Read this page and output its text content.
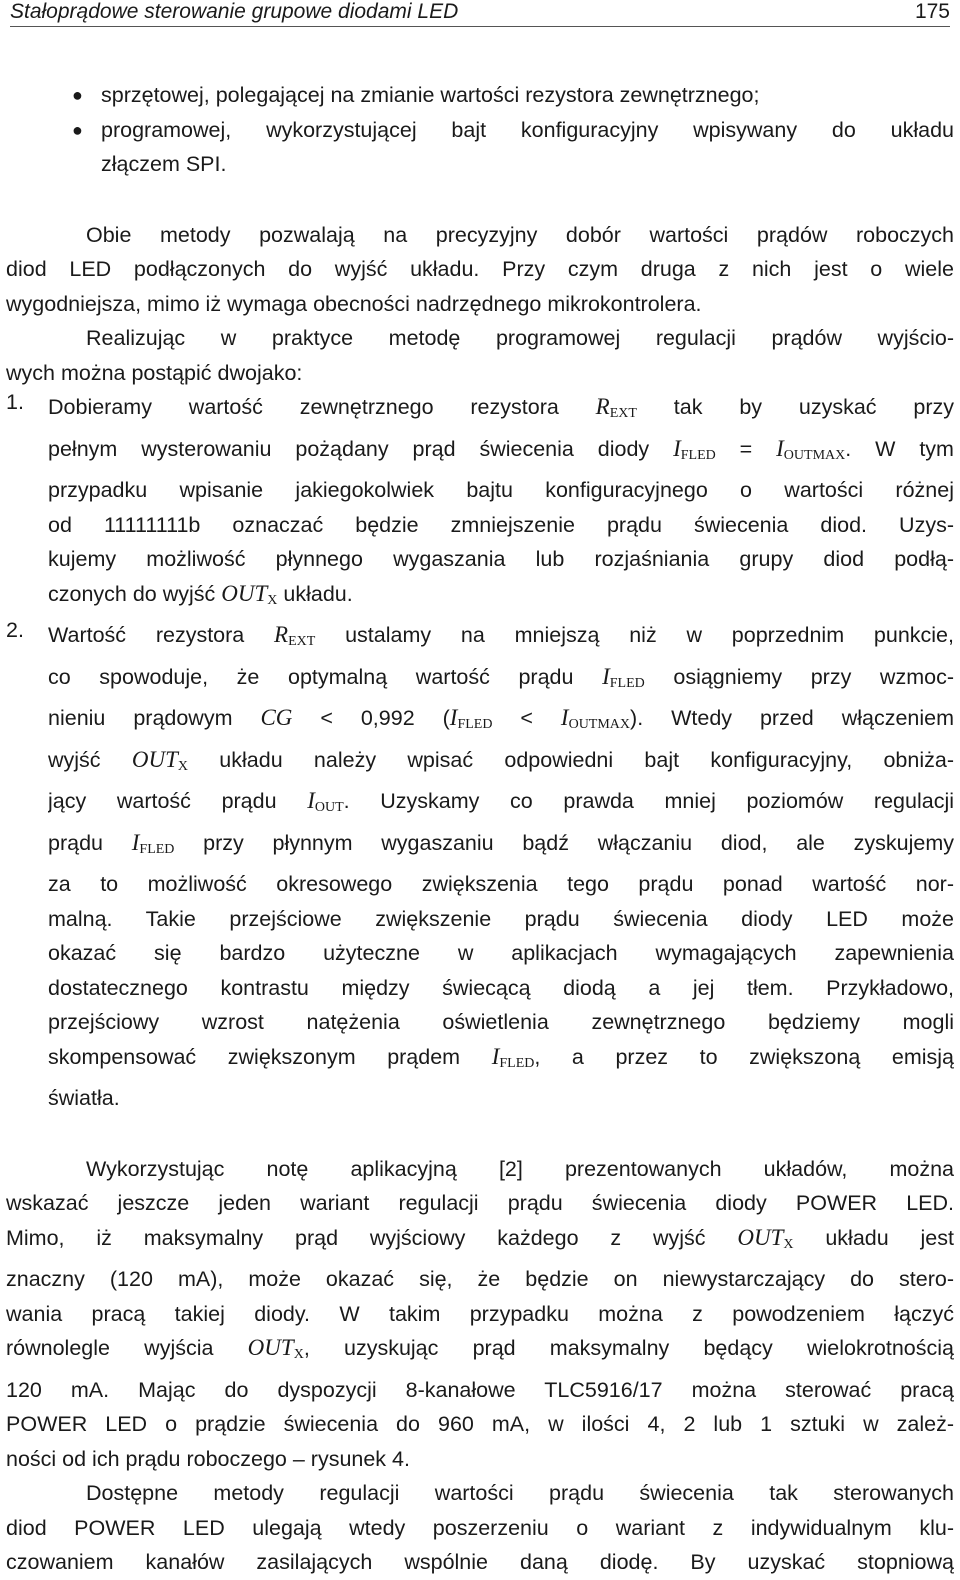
Stałoprądowe sterowanie grupowe diodami LED	175
● sprzętowej, polegającej na zmianie wartości rezystora zewnętrznego;
● programowej, wykorzystującej bajt konfiguracyjny wpisywany do układu
złączem SPI.
Obie metody pozwalają na precyzyjny dobór wartości prądów roboczych
diod LED podłączonych do wyjść układu. Przy czym druga z nich jest o wiele
wygodniejsza, mimo iż wymaga obecności nadrzędnego mikrokontrolera.
Realizując w praktyce metodę programowej regulacji prądów wyjścio-
wych można postąpić dwojako:
1. Dobieramy wartość zewnętrznego rezystora $R_{EXT}$ tak by uzyskać przy
pełnym wysterowaniu pożądany prąd świecenia diody $I_{FLED} = I_{OUTMAX}$. W tym
przypadku wpisanie jakiegokolwiek bajtu konfiguracyjnego o wartości różnej
od 11111111b oznaczać będzie zmniejszenie prądu świecenia diod. Uzys-
kujemy możliwość płynnego wygaszania lub rozjaśniania grupy diod podłą-
czonych do wyjść $OUT_X$ układu.
2. Wartość rezystora $R_{EXT}$ ustalamy na mniejszą niż w poprzednim punkcie,
co spowoduje, że optymalną wartość prądu $I_{FLED}$ osiągniemy przy wzmoc-
nieniu prądowym CG < 0,992 $(I_{FLED} < I_{OUTMAX})$. Wtedy przed włączeniem
wyjść $OUT_X$ układu należy wpisać odpowiedni bajt konfiguracyjny, obniża-
jący wartość prądu $I_{OUT}$. Uzyskamy co prawda mniej poziomów regulacji
prądu $I_{FLED}$ przy płynnym wygaszaniu bądź włączaniu diod, ale zyskujemy
za to możliwość okresowego zwiększenia tego prądu ponad wartość nor-
malną. Takie przejściowe zwiększenie prądu świecenia diody LED może
okazać się bardzo użyteczne w aplikacjach wymagających zapewnienia
dostatecznego kontrastu między świecącą diodą a jej tłem. Przykładowo,
przejściowy wzrost natężenia oświetlenia zewnętrznego będziemy mogli
skompensować zwiększonym prądem $I_{FLED}$, a przez to zwiększoną emisją
światła.
Wykorzystując notę aplikacyjną [2] prezentowanych układów, można
wskazać jeszcze jeden wariant regulacji prądu świecenia diody POWER LED.
Mimo, iż maksymalny prąd wyjściowy każdego z wyjść $OUT_X$ układu jest
znaczny (120 mA), może okazać się, że będzie on niewystarczający do stero-
wania pracą takiej diody. W takim przypadku można z powodzeniem łączyć
równolegle wyjścia $OUT_X$, uzyskując prąd maksymalny będący wielokrotnością
120 mA. Mając do dyspozycji 8-kanałowe TLC5916/17 można sterować pracą
POWER LED o prądzie świecenia do 960 mA, w ilości 4, 2 lub 1 sztuki w zależ-
ności od ich prądu roboczego – rysunek 4.
Dostępne metody regulacji wartości prądu świecenia tak sterowanych
diod POWER LED ulegają wtedy poszerzeniu o wariant z indywidualnym klu-
czowaniem kanałów zasilających wspólnie daną diodę. By uzyskać stopniową
